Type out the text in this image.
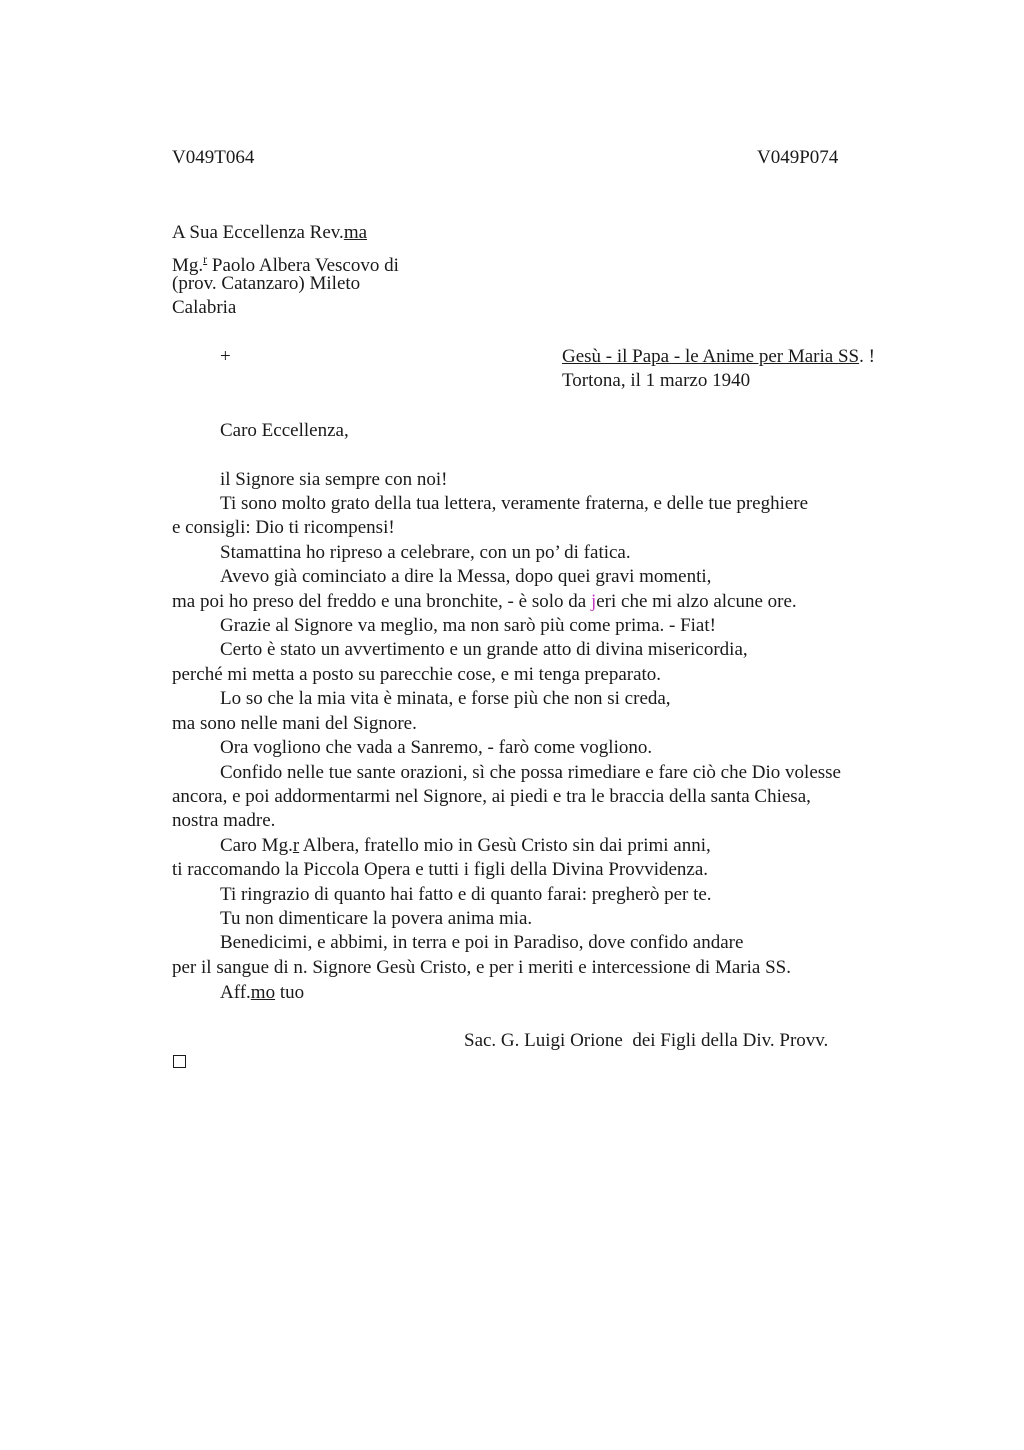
V049T064	V049P074
A Sua Eccellenza Rev.ma
Mg.$^r$ Paolo Albera Vescovo di
(prov. Catanzaro) Mileto
Calabria
+	Gesù - il Papa - le Anime per Maria SS. !
Tortona, il 1 marzo 1940
Caro Eccellenza,
il Signore sia sempre con noi!
Ti sono molto grato della tua lettera, veramente fraterna, e delle tue preghiere
e consigli: Dio ti ricompensi!
Stamattina ho ripreso a celebrare, con un po’ di fatica.
Avevo già cominciato a dire la Messa, dopo quei gravi momenti,
ma poi ho preso del freddo e una bronchite, - è solo da jeri che mi alzo alcune ore.
Grazie al Signore va meglio, ma non sarò più come prima. - Fiat!
Certo è stato un avvertimento e un grande atto di divina misericordia,
perché mi metta a posto su parecchie cose, e mi tenga preparato.
Lo so che la mia vita è minata, e forse più che non si creda,
ma sono nelle mani del Signore.
Ora vogliono che vada a Sanremo, - farò come vogliono.
Confido nelle tue sante orazioni, sì che possa rimediare e fare ciò che Dio volesse
ancora, e poi addormentarmi nel Signore, ai piedi e tra le braccia della santa Chiesa,
nostra madre.
Caro Mg.r Albera, fratello mio in Gesù Cristo sin dai primi anni,
ti raccomando la Piccola Opera e tutti i figli della Divina Provvidenza.
Ti ringrazio di quanto hai fatto e di quanto farai: pregherò per te.
Tu non dimenticare la povera anima mia.
Benedicimi, e abbimi, in terra e poi in Paradiso, dove confido andare
per il sangue di n. Signore Gesù Cristo, e per i meriti e intercessione di Maria SS.
Aff.mo tuo
Sac. G. Luigi Orione  dei Figli della Div. Provv.
